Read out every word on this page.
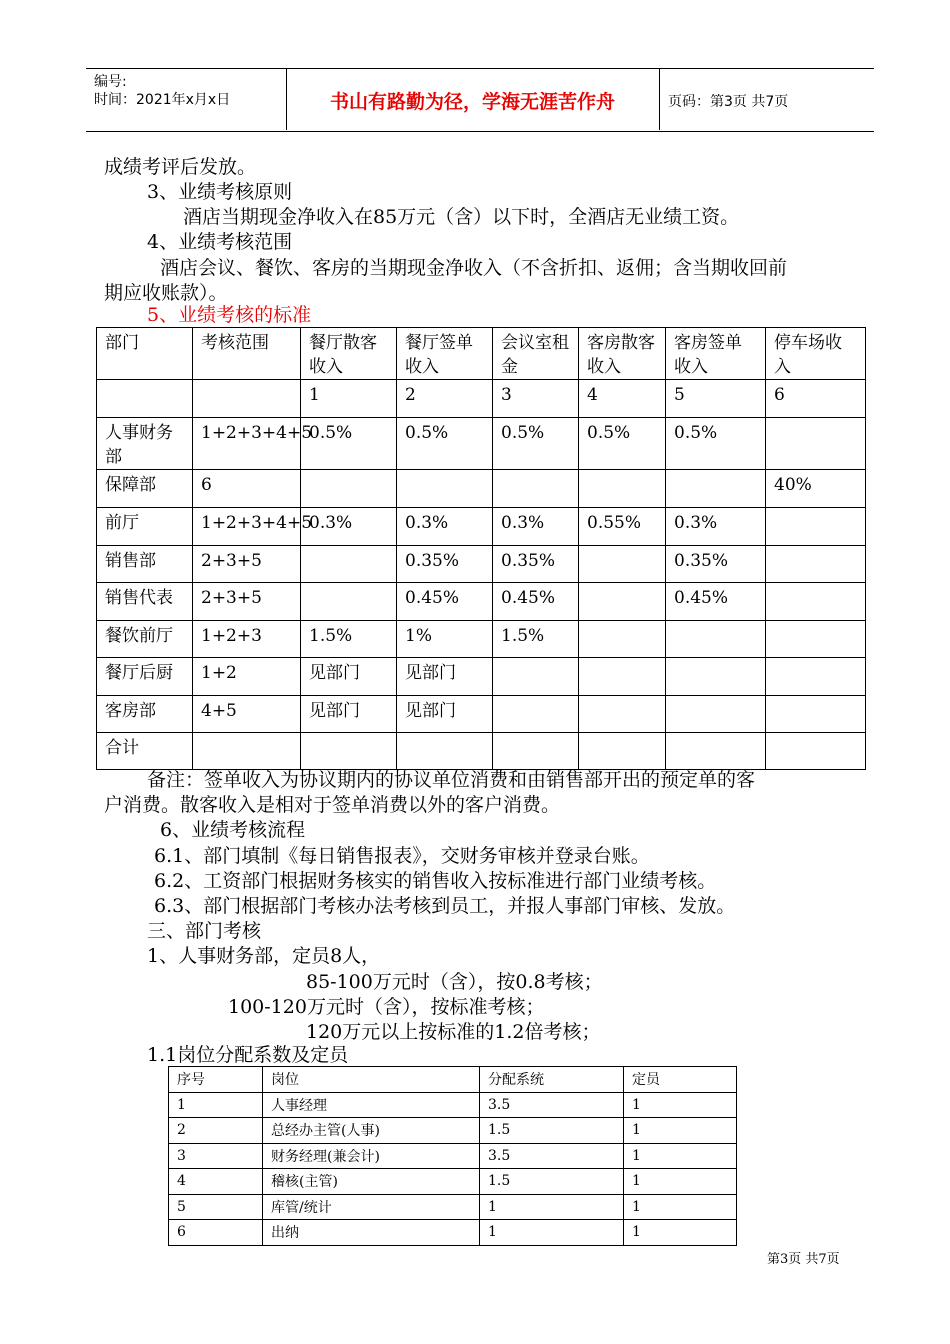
编号:
时间：2021年x月x日	书山有路勤为径，学海无涯苦作舟	页码：第3页 共7页
成绩考评后发放。
3、业绩考核原则
酒店当期现金净收入在85万元（含）以下时，全酒店无业绩工资。
4、业绩考核范围
酒店会议、餐饮、客房的当期现金净收入（不含折扣、返佣；含当期收回前
期应收账款）。
5、业绩考核的标准
部门	考核范围	餐厅散客收入	餐厅签单收入	会议室租金	客房散客收入	客房签单收入	停车场收入
		1	2	3	4	5	6
人事财务部	1+2+3+4+5	0.5%	0.5%	0.5%	0.5%	0.5%	
保障部	6						40%
前厅	1+2+3+4+5	0.3%	0.3%	0.3%	0.55%	0.3%	
销售部	2+3+5		0.35%	0.35%		0.35%	
销售代表	2+3+5		0.45%	0.45%		0.45%	
餐饮前厅	1+2+3	1.5%	1%	1.5%			
餐厅后厨	1+2	见部门	见部门				
客房部	4+5	见部门	见部门				
合计							
备注：签单收入为协议期内的协议单位消费和由销售部开出的预定单的客
户消费。散客收入是相对于签单消费以外的客户消费。
6、业绩考核流程
6.1、部门填制《每日销售报表》，交财务审核并登录台账。
6.2、工资部门根据财务核实的销售收入按标准进行部门业绩考核。
6.3、部门根据部门考核办法考核到员工，并报人事部门审核、发放。
三、部门考核
1、人事财务部，定员8人，
85-100万元时（含），按0.8考核；
100-120万元时（含），按标准考核；
120万元以上按标准的1.2倍考核；
1.1岗位分配系数及定员
序号	岗位	分配系统	定员
1	人事经理	3.5	1
2	总经办主管(人事)	1.5	1
3	财务经理(兼会计)	3.5	1
4	稽核(主管)	1.5	1
5	库管/统计	1	1
6	出纳	1	1
第3页 共7页
